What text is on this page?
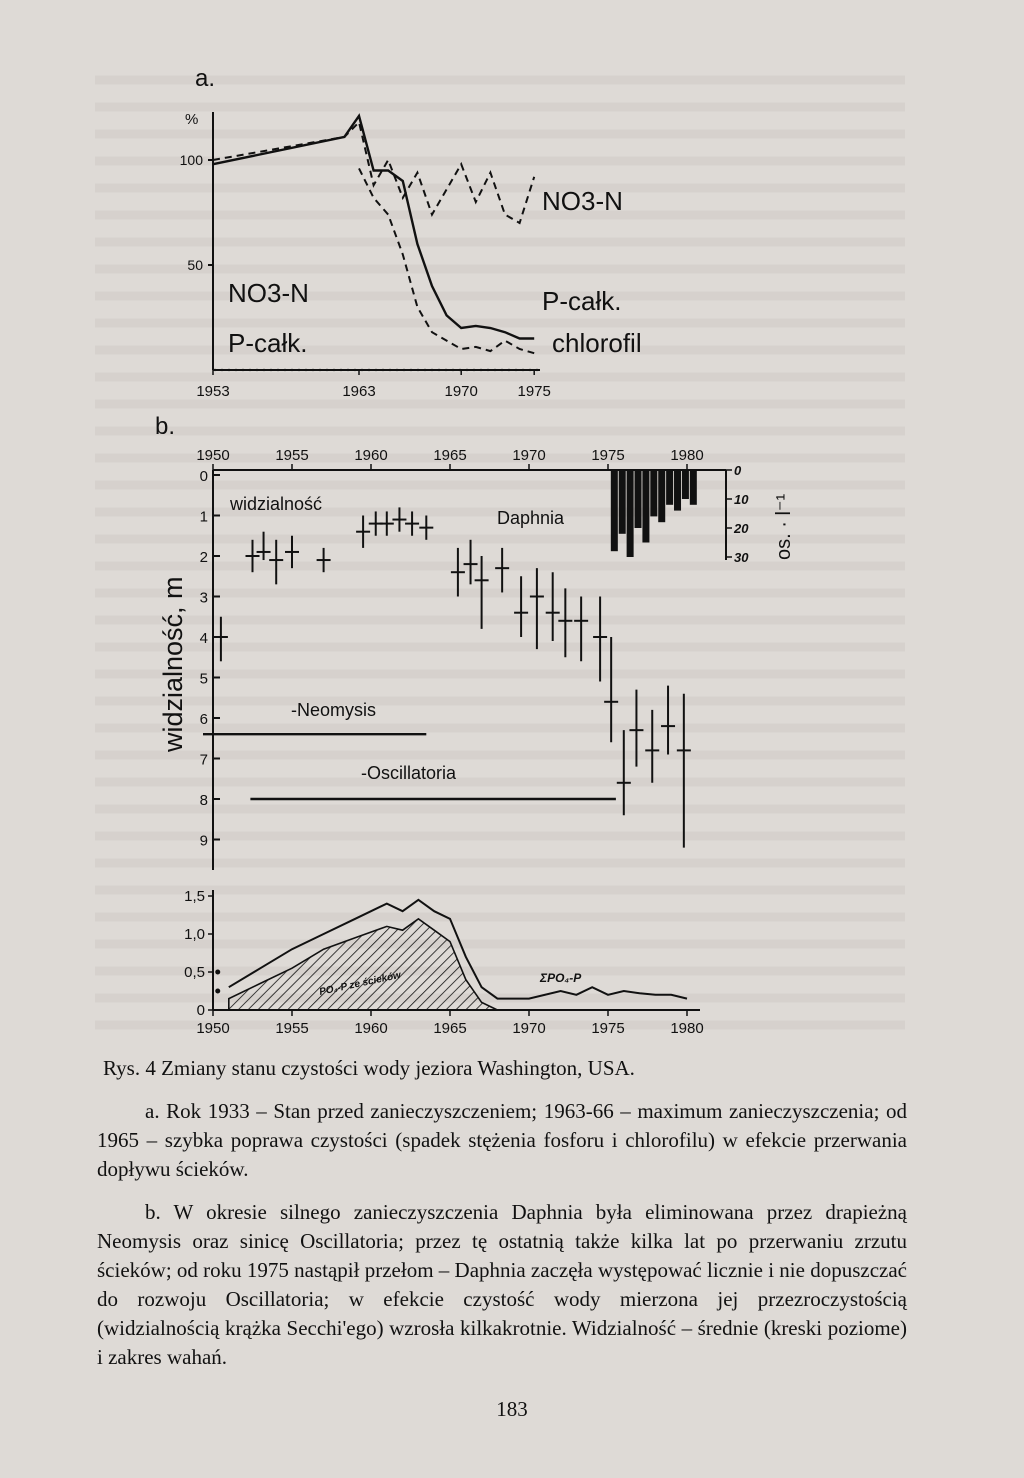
a.
%
100
50
1953	1963	1970	1975
NO3-N
P-całk.
chlorofil
NO3-N
P-całk.
b.
widzialność, m
0
1
2
3
4
5
6
7
8
9
1950	1955	1960	1965	1970	1975	1980
0
10
20
30 os. · l⁻¹
widzialność
Daphnia
-Neomysis
-Oscillatoria
1,5
1,0
0,5
0
1950	1955	1960	1965	1970	1975	1980
PO₄-P ze ścieków	ΣPO₄-P

Rys. 4 Zmiany stanu czystości wody jeziora Washington, USA.

a. Rok 1933 – Stan przed zanieczyszczeniem; 1963-66 – maximum zanieczyszczenia; od 1965 – szybka poprawa czystości (spadek stężenia fosforu i chlorofilu) w efekcie przerwania dopływu ścieków.

b. W okresie silnego zanieczyszczenia Daphnia była eliminowana przez drapieżną Neomysis oraz sinicę Oscillatoria; przez tę ostatnią także kilka lat po przerwaniu zrzutu ścieków; od roku 1975 nastąpił przełom – Daphnia zaczęła występować licznie i nie dopuszczać do rozwoju Oscillatoria; w efekcie czystość wody mierzona jej przezroczystością (widzialnością krążka Secchi'ego) wzrosła kilkakrotnie. Widzialność – średnie (kreski poziome) i zakres wahań.

183
